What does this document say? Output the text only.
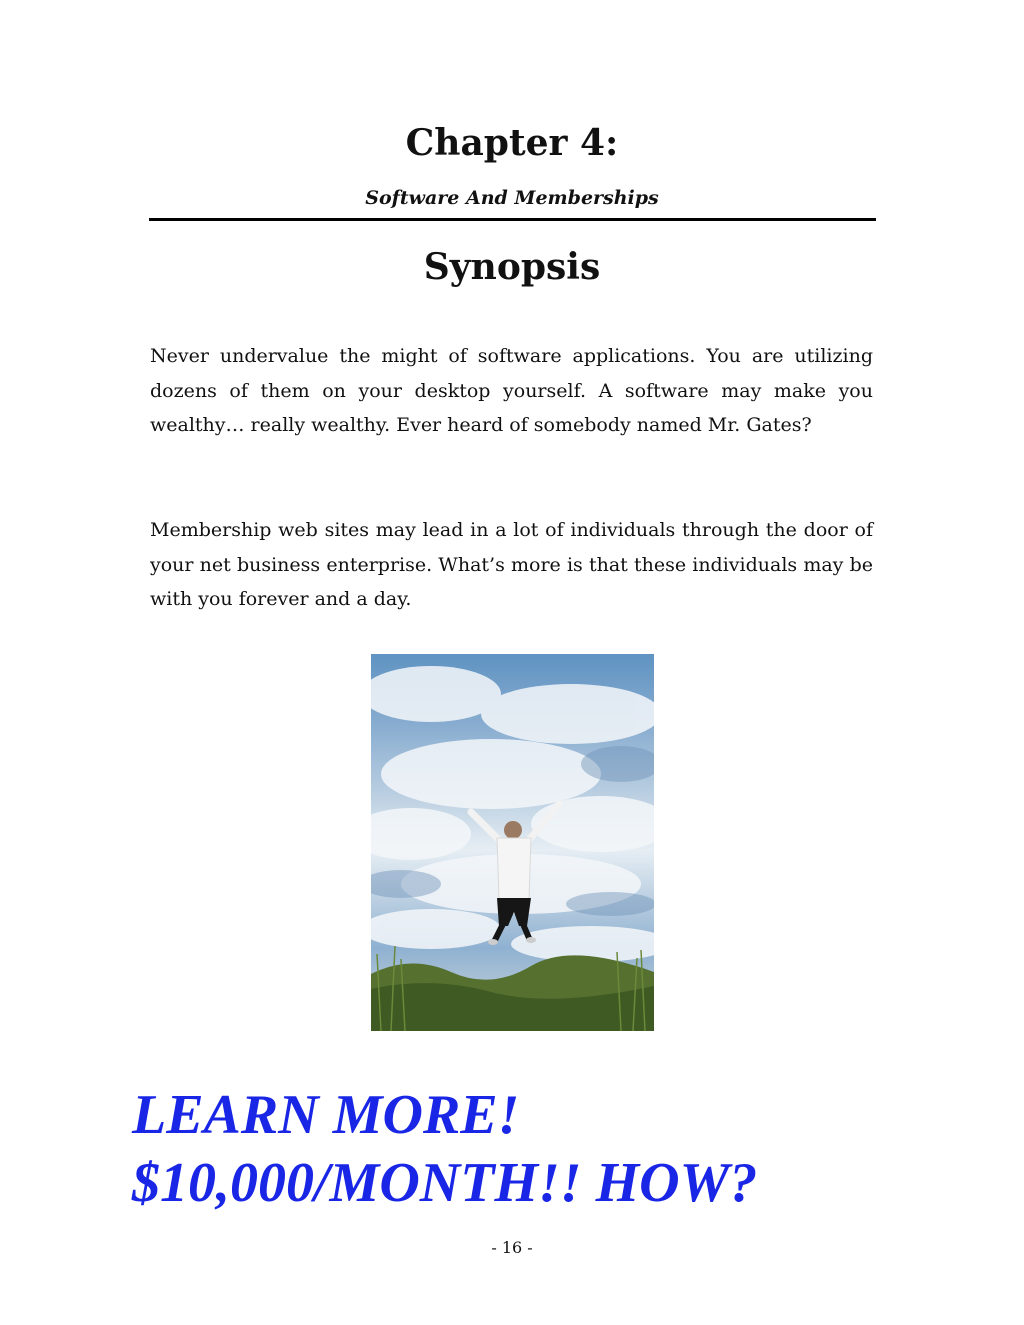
Chapter 4:
Software And Memberships
Synopsis

Never undervalue the might of software applications. You are utilizing dozens of them on your desktop yourself. A software may make you wealthy… really wealthy. Ever heard of somebody named Mr. Gates?

Membership web sites may lead in a lot of individuals through the door of your net business enterprise. What’s more is that these individuals may be with you forever and a day.

LEARN MORE!
$10,000/MONTH!! HOW?
- 16 -
